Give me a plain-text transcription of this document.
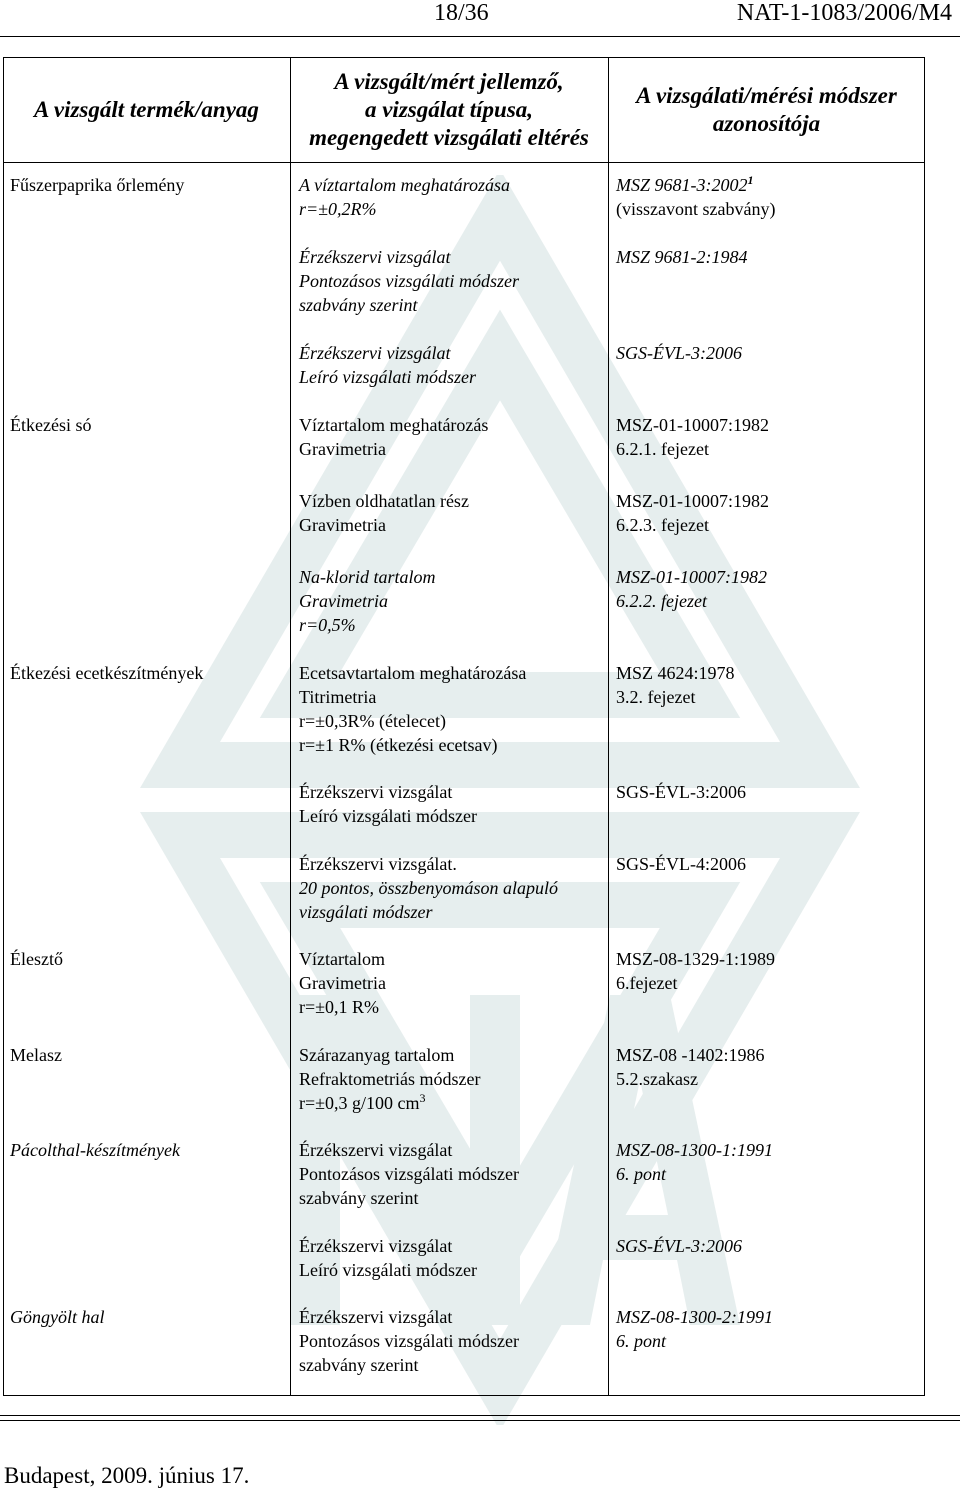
18/36	NAT-1-1083/2006/M4
A vizsgált termék/anyag
A vizsgált/mért jellemző,
a vizsgálat típusa,
megengedett vizsgálati eltérés
A vizsgálati/mérési módszer
azonosítója
Fűszerpaprika őrlemény
Étkezési só
Étkezési ecetkészítmények
Élesztő
Melasz
Pácolthal-készítmények
Göngyölt hal
A víztartalom meghatározása
r=±0,2R%
Érzékszervi vizsgálat
Pontozásos vizsgálati módszer
szabvány szerint
Érzékszervi vizsgálat
Leíró vizsgálati módszer
Víztartalom meghatározás
Gravimetria
Vízben oldhatatlan rész
Gravimetria
Na-klorid tartalom
Gravimetria
r=0,5%
Ecetsavtartalom meghatározása
Titrimetria
r=±0,3R% (ételecet)
r=±1 R% (étkezési ecetsav)
Érzékszervi vizsgálat
Leíró vizsgálati módszer
Érzékszervi vizsgálat.
20 pontos, összbenyomáson alapuló
vizsgálati módszer
Víztartalom
Gravimetria
r=±0,1 R%
Szárazanyag tartalom
Refraktometriás módszer
r=±0,3 g/100 $cm^3$
Érzékszervi vizsgálat
Pontozásos vizsgálati módszer
szabvány szerint
Érzékszervi vizsgálat
Leíró vizsgálati módszer
Érzékszervi vizsgálat
Pontozásos vizsgálati módszer
szabvány szerint
MSZ 9681-3:2002$^1$
(visszavont szabvány)
MSZ 9681-2:1984
SGS-ÉVL-3:2006
MSZ-01-10007:1982
6.2.1. fejezet
MSZ-01-10007:1982
6.2.3. fejezet
MSZ-01-10007:1982
6.2.2. fejezet
MSZ 4624:1978
3.2. fejezet
SGS-ÉVL-3:2006
SGS-ÉVL-4:2006
MSZ-08-1329-1:1989
6.fejezet
MSZ-08 -1402:1986
5.2.szakasz
MSZ-08-1300-1:1991
6. pont
SGS-ÉVL-3:2006
MSZ-08-1300-2:1991
6. pont
Budapest, 2009. június 17.
